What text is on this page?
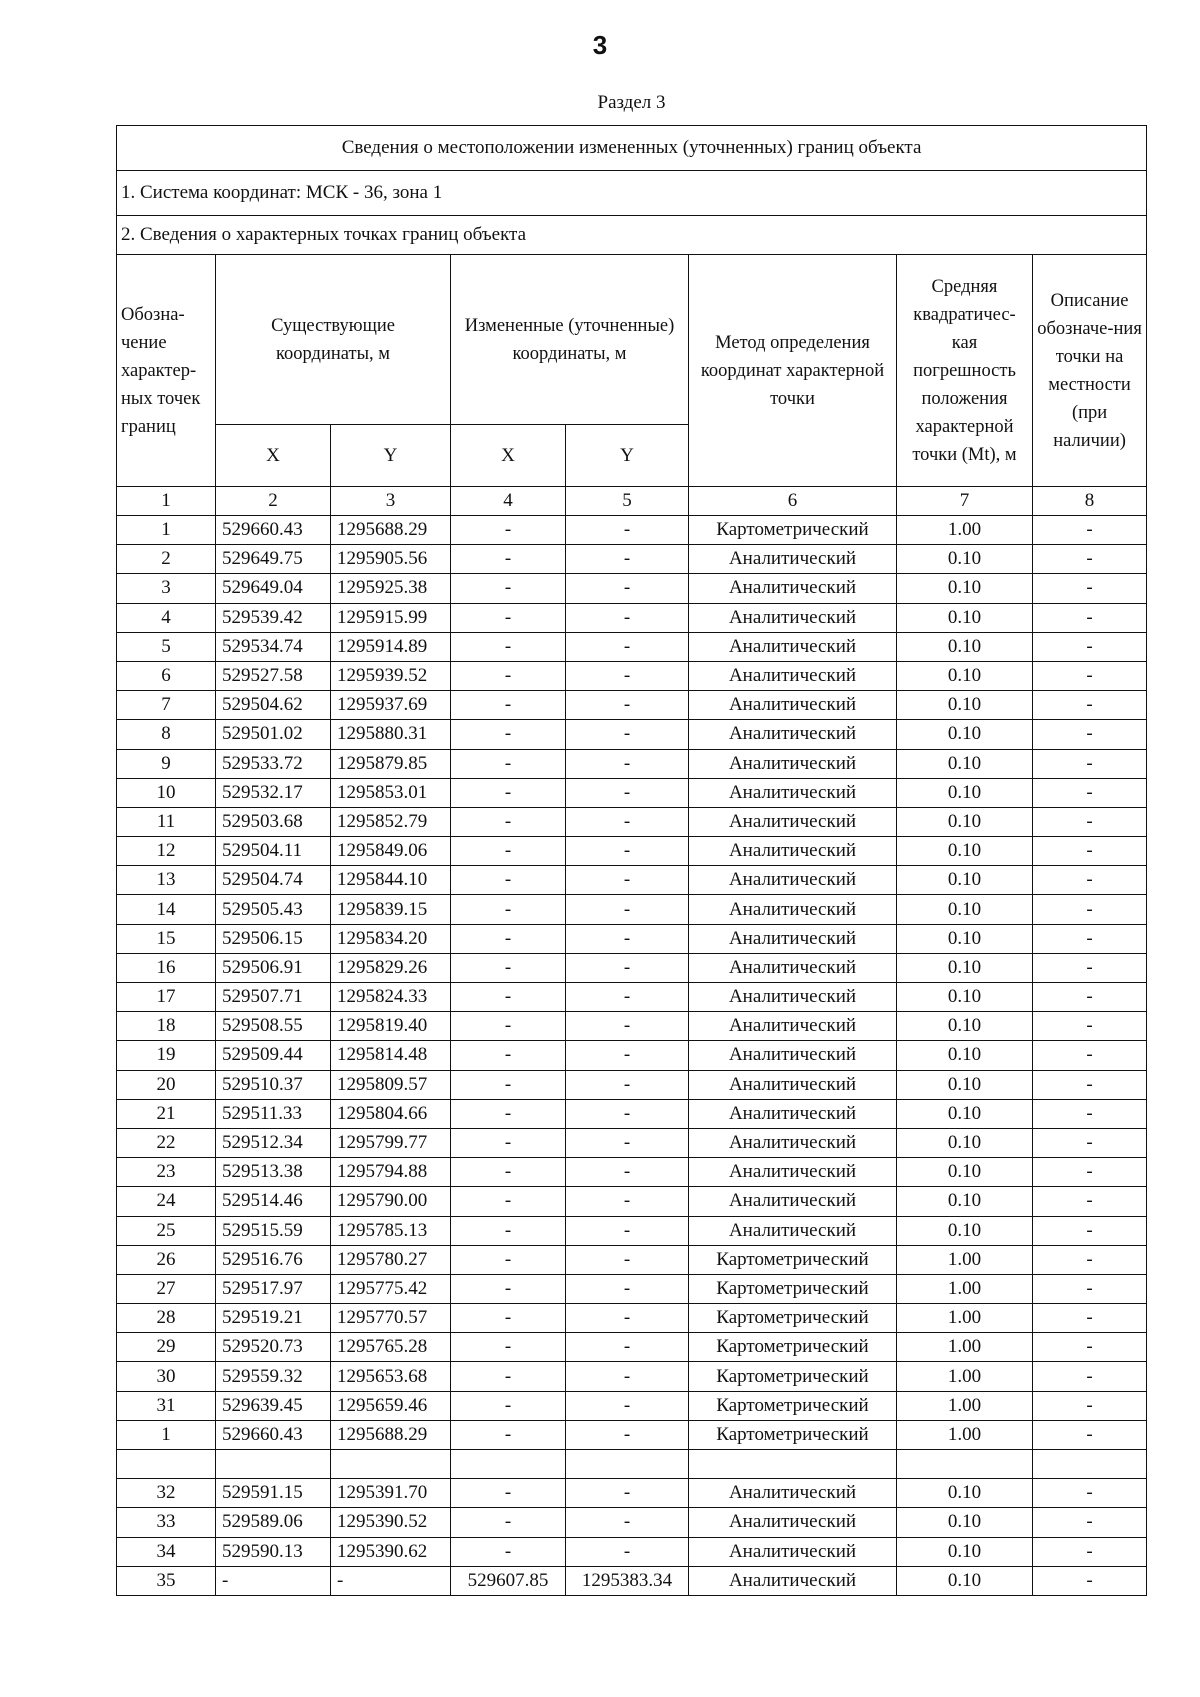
3
Раздел 3
Сведения о местоположении измененных (уточненных) границ объекта							
1. Система координат: МСК - 36, зона 1							
2. Сведения о характерных точках границ объекта							
Обозна-чение характер-ных точек границ	Существующие координаты, м		Измененные (уточненные) координаты, м		Метод определения координат характерной точки	Средняя квадратичес-кая погрешность положения характерной точки (Mt), м	Описание обозначе-ния точки на местности (при наличии)
	X	Y	X	Y			
1	2	3	4	5	6	7	8
1	529660.43	1295688.29	-	-	Картометрический	1.00	-
2	529649.75	1295905.56	-	-	Аналитический	0.10	-
3	529649.04	1295925.38	-	-	Аналитический	0.10	-
4	529539.42	1295915.99	-	-	Аналитический	0.10	-
5	529534.74	1295914.89	-	-	Аналитический	0.10	-
6	529527.58	1295939.52	-	-	Аналитический	0.10	-
7	529504.62	1295937.69	-	-	Аналитический	0.10	-
8	529501.02	1295880.31	-	-	Аналитический	0.10	-
9	529533.72	1295879.85	-	-	Аналитический	0.10	-
10	529532.17	1295853.01	-	-	Аналитический	0.10	-
11	529503.68	1295852.79	-	-	Аналитический	0.10	-
12	529504.11	1295849.06	-	-	Аналитический	0.10	-
13	529504.74	1295844.10	-	-	Аналитический	0.10	-
14	529505.43	1295839.15	-	-	Аналитический	0.10	-
15	529506.15	1295834.20	-	-	Аналитический	0.10	-
16	529506.91	1295829.26	-	-	Аналитический	0.10	-
17	529507.71	1295824.33	-	-	Аналитический	0.10	-
18	529508.55	1295819.40	-	-	Аналитический	0.10	-
19	529509.44	1295814.48	-	-	Аналитический	0.10	-
20	529510.37	1295809.57	-	-	Аналитический	0.10	-
21	529511.33	1295804.66	-	-	Аналитический	0.10	-
22	529512.34	1295799.77	-	-	Аналитический	0.10	-
23	529513.38	1295794.88	-	-	Аналитический	0.10	-
24	529514.46	1295790.00	-	-	Аналитический	0.10	-
25	529515.59	1295785.13	-	-	Аналитический	0.10	-
26	529516.76	1295780.27	-	-	Картометрический	1.00	-
27	529517.97	1295775.42	-	-	Картометрический	1.00	-
28	529519.21	1295770.57	-	-	Картометрический	1.00	-
29	529520.73	1295765.28	-	-	Картометрический	1.00	-
30	529559.32	1295653.68	-	-	Картометрический	1.00	-
31	529639.45	1295659.46	-	-	Картометрический	1.00	-
1	529660.43	1295688.29	-	-	Картометрический	1.00	-

32	529591.15	1295391.70	-	-	Аналитический	0.10	-
33	529589.06	1295390.52	-	-	Аналитический	0.10	-
34	529590.13	1295390.62	-	-	Аналитический	0.10	-
35	-	-	529607.85	1295383.34	Аналитический	0.10	-
